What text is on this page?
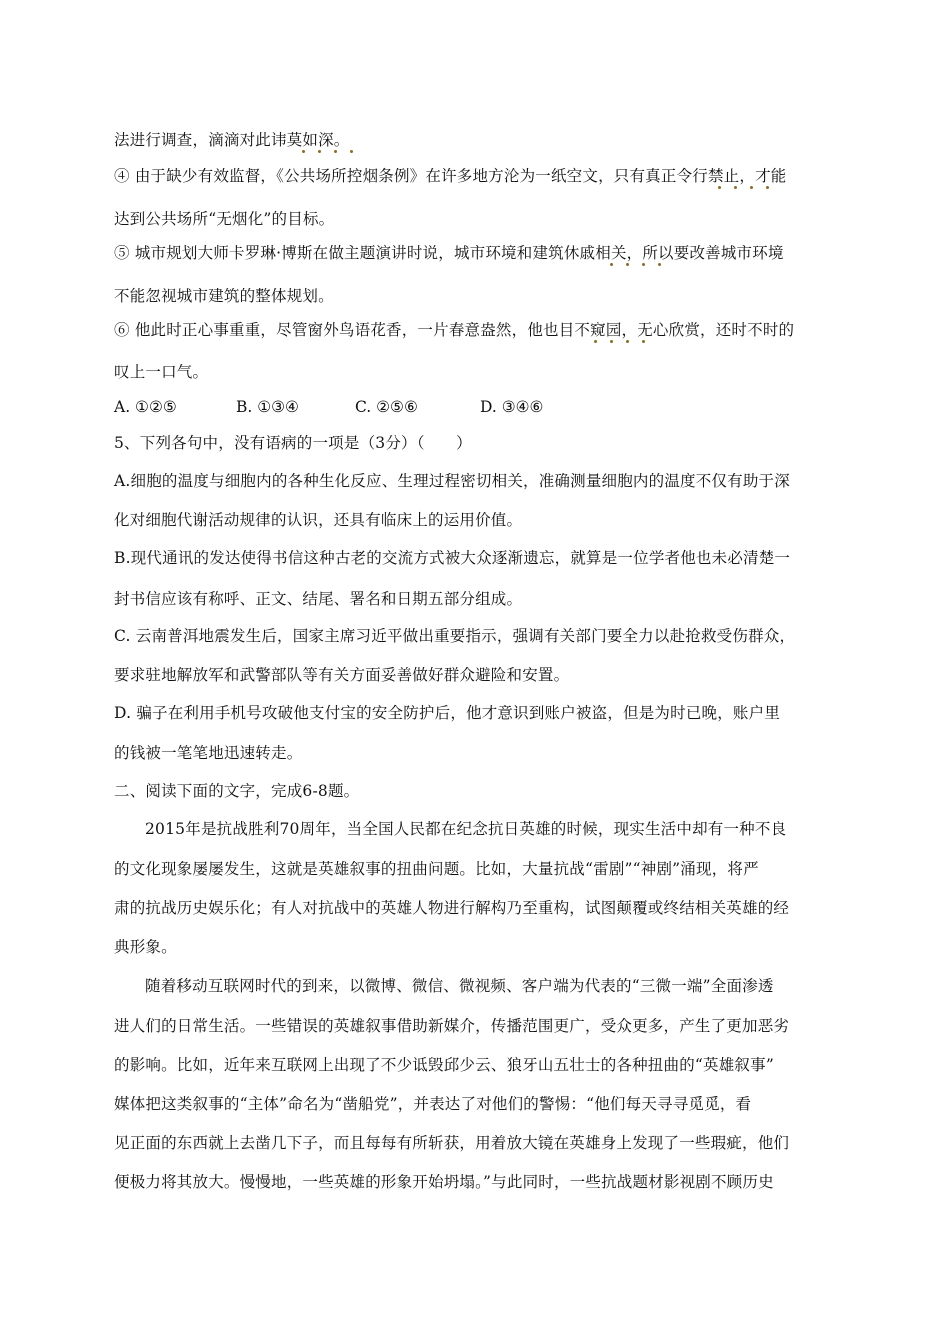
法进行调查，滴滴对此讳莫如深。
④ 由于缺少有效监督，《公共场所控烟条例》在许多地方沦为一纸空文，只有真正令行禁止，才能
达到公共场所“无烟化”的目标。
⑤ 城市规划大师卡罗琳·博斯在做主题演讲时说，城市环境和建筑休戚相关，所以要改善城市环境
不能忽视城市建筑的整体规划。
⑥ 他此时正心事重重，尽管窗外鸟语花香，一片春意盎然，他也目不窥园，无心欣赏，还时不时的
叹上一口气。
A. ①②⑤	B. ①③④	C. ②⑤⑥	D. ③④⑥
5、下列各句中，没有语病的一项是（3分）（　　）
A.细胞的温度与细胞内的各种生化反应、生理过程密切相关，准确测量细胞内的温度不仅有助于深
化对细胞代谢活动规律的认识，还具有临床上的运用价值。
B.现代通讯的发达使得书信这种古老的交流方式被大众逐渐遗忘，就算是一位学者他也未必清楚一
封书信应该有称呼、正文、结尾、署名和日期五部分组成。
C. 云南普洱地震发生后，国家主席习近平做出重要指示，强调有关部门要全力以赴抢救受伤群众，
要求驻地解放军和武警部队等有关方面妥善做好群众避险和安置。
D. 骗子在利用手机号攻破他支付宝的安全防护后，他才意识到账户被盗，但是为时已晚，账户里
的钱被一笔笔地迅速转走。
二、阅读下面的文字，完成6-8题。
2015年是抗战胜利70周年，当全国人民都在纪念抗日英雄的时候，现实生活中却有一种不良
的文化现象屡屡发生，这就是英雄叙事的扭曲问题。比如，大量抗战“雷剧”“神剧”涌现，将严
肃的抗战历史娱乐化；有人对抗战中的英雄人物进行解构乃至重构，试图颠覆或终结相关英雄的经
典形象。
随着移动互联网时代的到来，以微博、微信、微视频、客户端为代表的“三微一端”全面渗透
进人们的日常生活。一些错误的英雄叙事借助新媒介，传播范围更广，受众更多，产生了更加恶劣
的影响。比如，近年来互联网上出现了不少诋毁邱少云、狼牙山五壮士的各种扭曲的“英雄叙事”
媒体把这类叙事的“主体”命名为“凿船党”，并表达了对他们的警惕：“他们每天寻寻觅觅，看
见正面的东西就上去凿几下子，而且每每有所斩获，用着放大镜在英雄身上发现了一些瑕疵，他们
便极力将其放大。慢慢地，一些英雄的形象开始坍塌。”与此同时，一些抗战题材影视剧不顾历史
